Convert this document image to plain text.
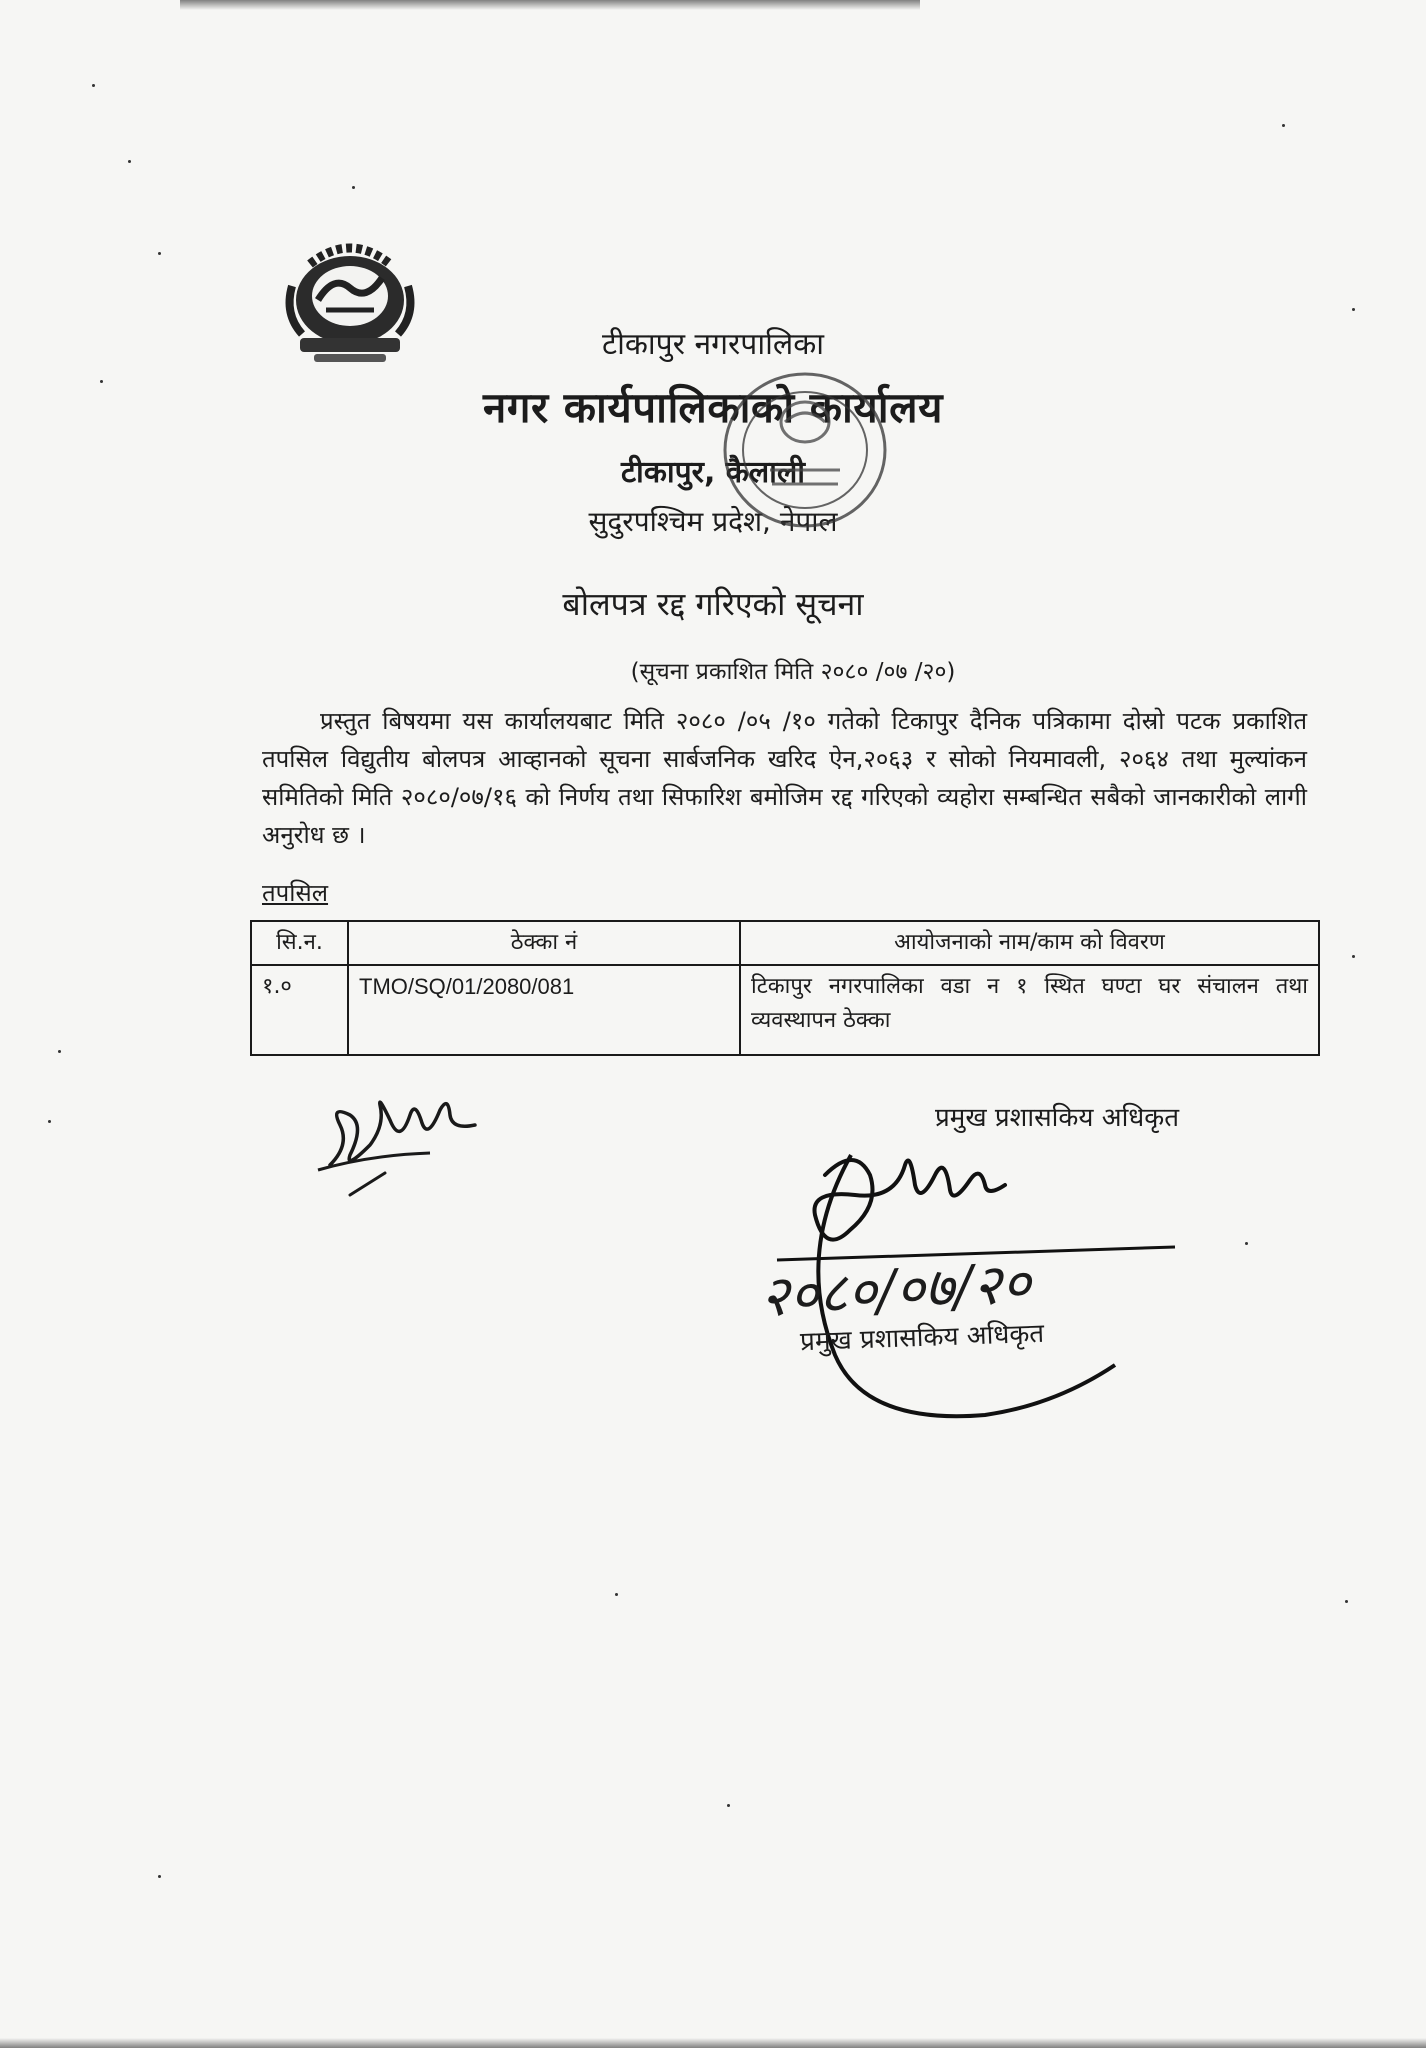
टीकापुर नगरपालिका
नगर कार्यपालिकाको कार्यालय
टीकापुर, कैलाली
सुदुरपश्चिम प्रदेश, नेपाल
बोलपत्र रद्द गरिएको सूचना
(सूचना प्रकाशित मिति २०८० /०७ /२०)
प्रस्तुत बिषयमा यस कार्यालयबाट मिति २०८० /०५ /१० गतेको टिकापुर दैनिक पत्रिकामा दोस्रो पटक प्रकाशित तपसिल विद्युतीय बोलपत्र आव्हानको सूचना सार्बजनिक खरिद ऐन,२०६३ र सोको नियमावली, २०६४ तथा मुल्यांकन समितिको मिति २०८०/०७/१६ को निर्णय तथा सिफारिश बमोजिम रद्द गरिएको व्यहोरा सम्बन्धित सबैको जानकारीको लागी अनुरोध छ ।
तपसिल
सि.न.	ठेक्का नं	आयोजनाको नाम/काम को विवरण
१.०	TMO/SQ/01/2080/081	टिकापुर नगरपालिका वडा न १ स्थित घण्टा घर संचालन तथा व्यवस्थापन ठेक्का
प्रमुख प्रशासकिय अधिकृत
२०८०/०७/२०
प्रमुख प्रशासकिय अधिकृत
